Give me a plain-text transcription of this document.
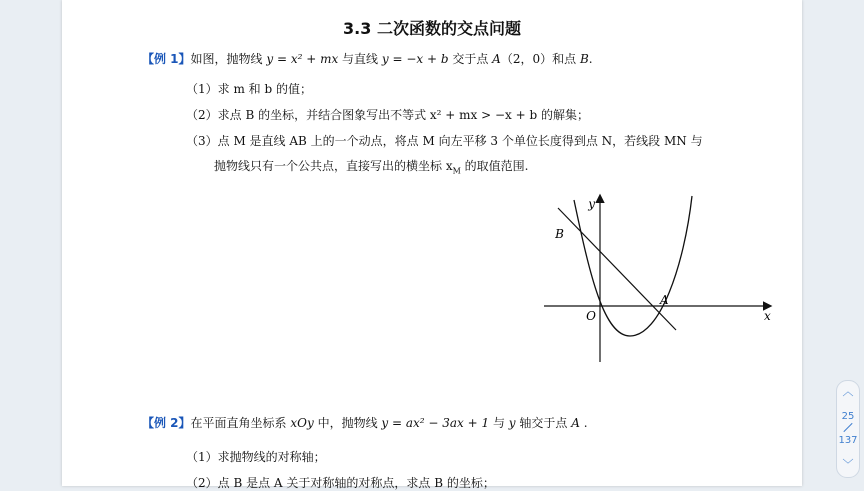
3.3 二次函数的交点问题
【例 1】如图，抛物线 y = x² + mx 与直线 y = −x + b 交于点 A（2，0）和点 B.
（1）求 m 和 b 的值；
（2）求点 B 的坐标，并结合图象写出不等式 x² + mx > −x + b 的解集；
（3）点 M 是直线 AB 上的一个动点，将点 M 向左平移 3 个单位长度得到点 N，若线段 MN 与
抛物线只有一个公共点，直接写出的横坐标 $x_M$ 的取值范围.
y
x
O
A
B
【例 2】在平面直角坐标系 xOy 中，抛物线 y = ax² − 3ax + 1 与 y 轴交于点 A .
（1）求抛物线的对称轴；
（2）点 B 是点 A 关于对称轴的对称点，求点 B 的坐标；
︿
25
137
﹀
